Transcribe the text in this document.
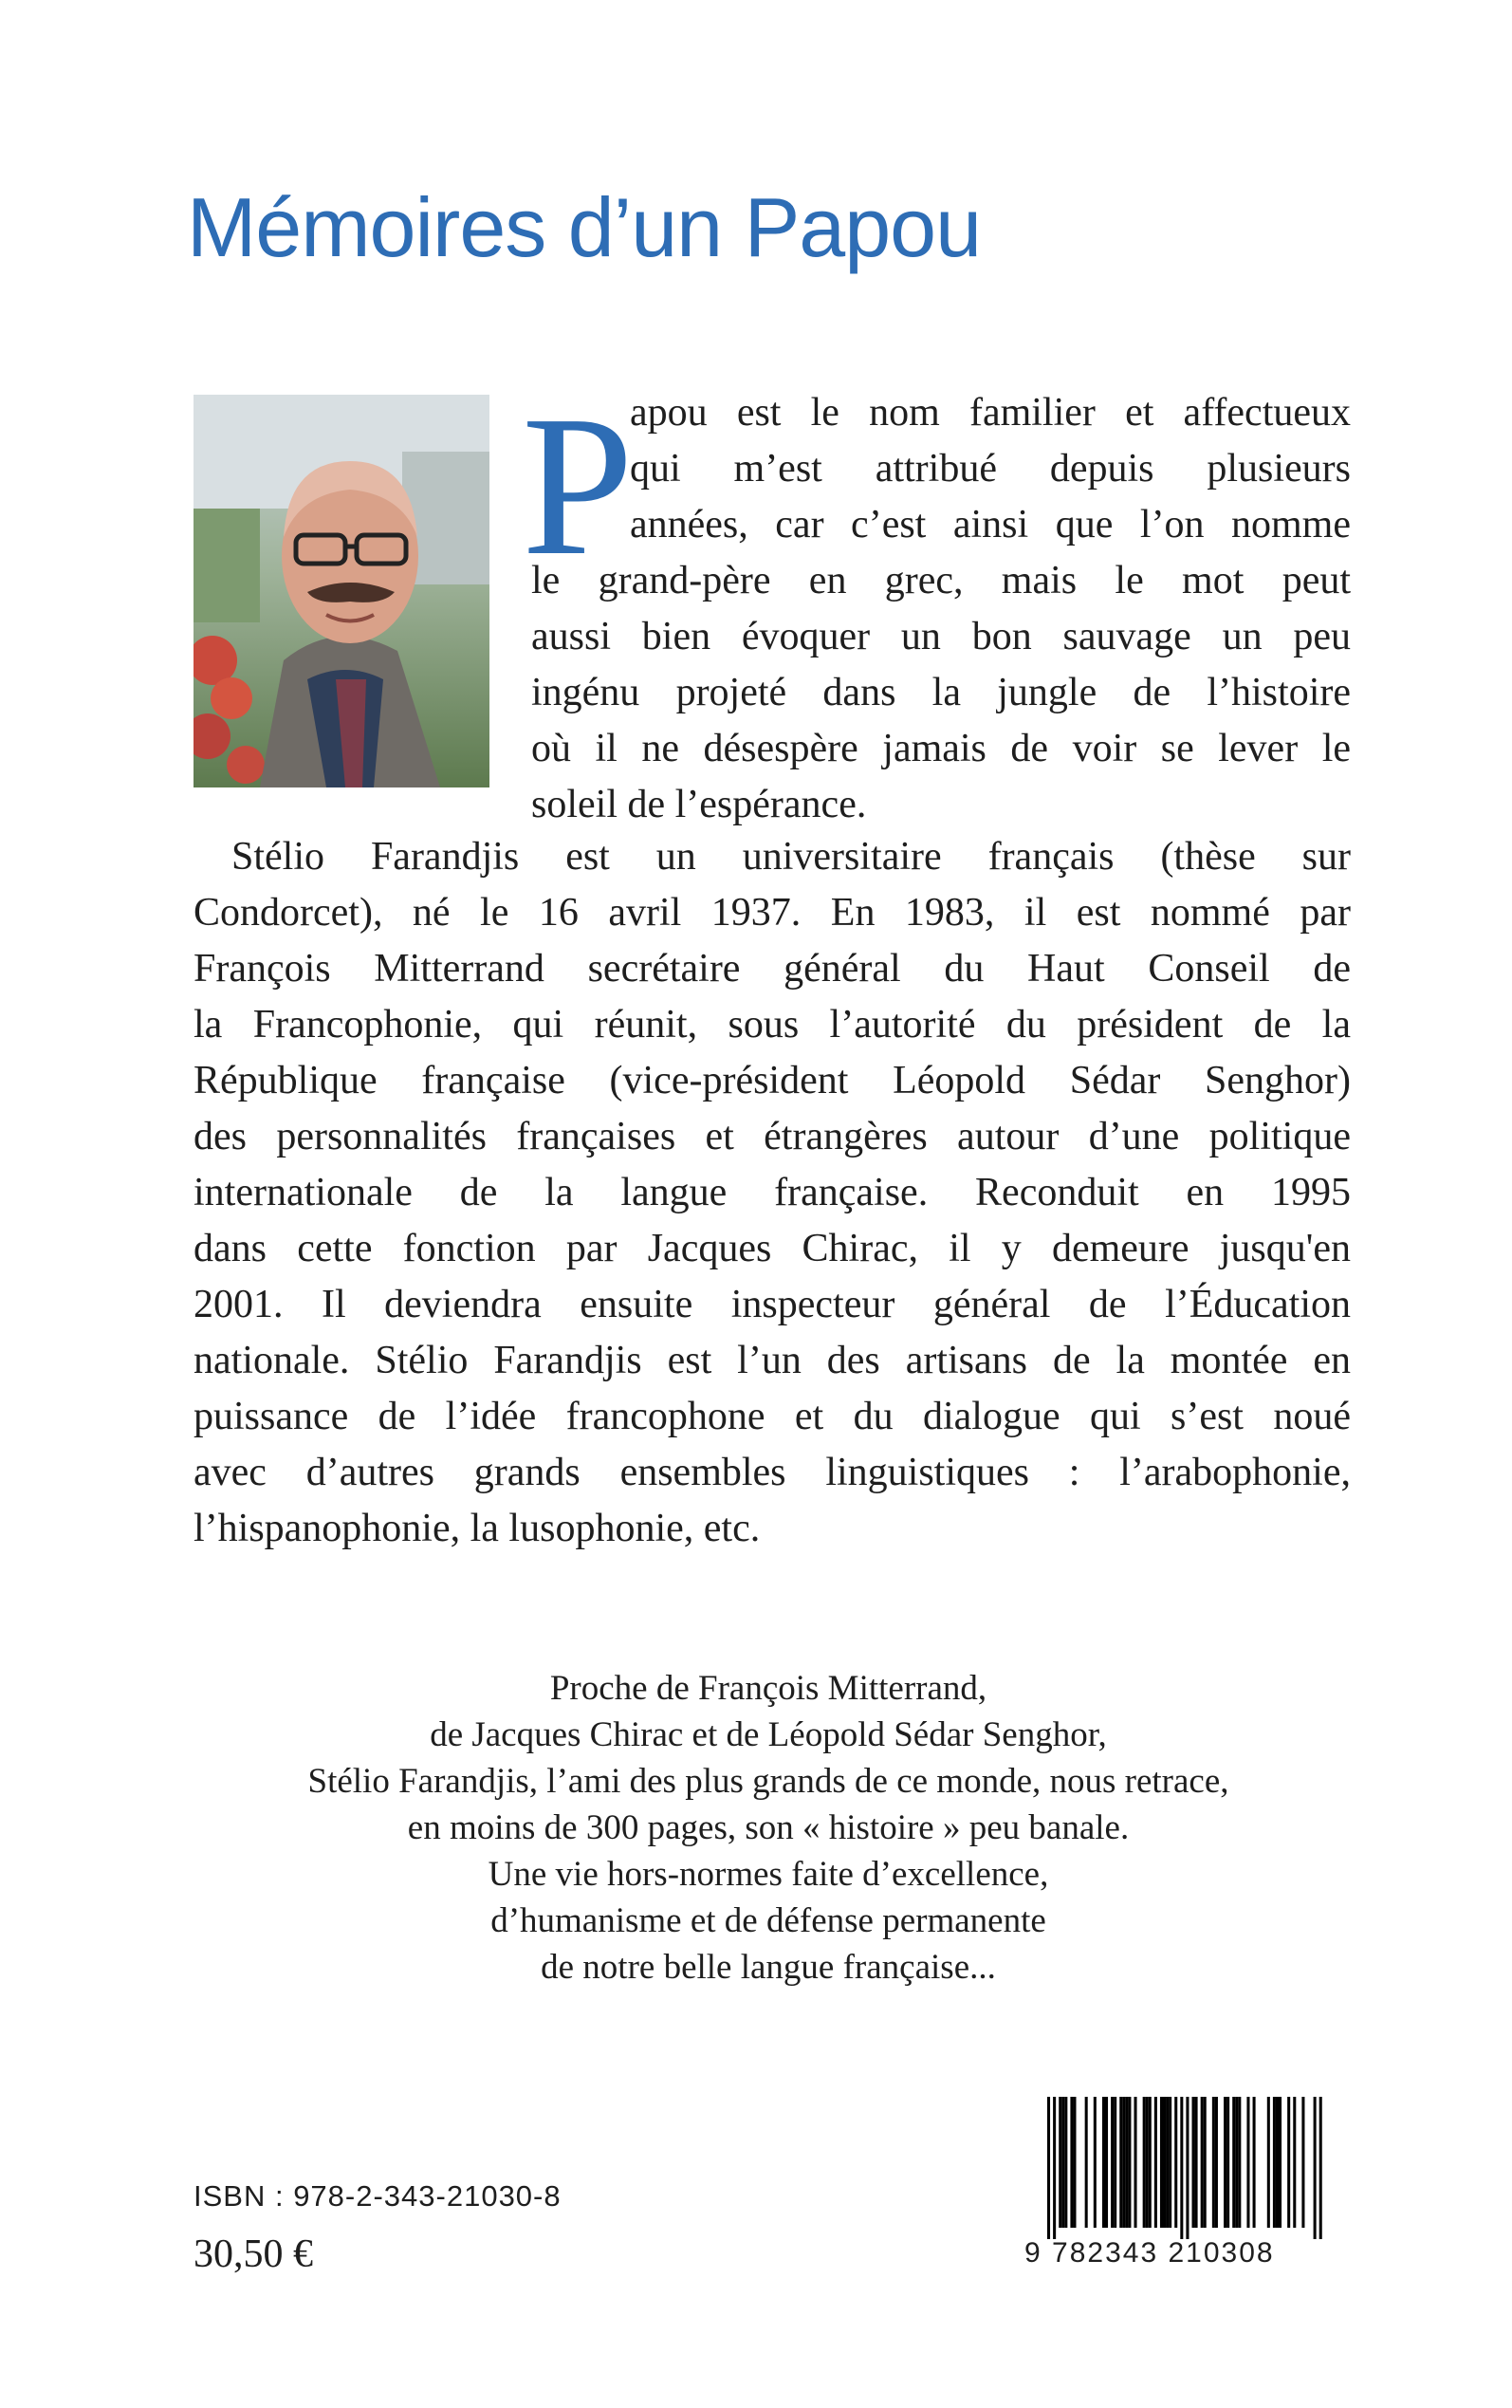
Mémoires d’un Papou
P
apou est le nom familier et affectueux
qui m’est attribué depuis plusieurs
années, car c’est ainsi que l’on nomme
le grand-père en grec, mais le mot peut
aussi bien évoquer un bon sauvage un peu
ingénu projeté dans la jungle de l’histoire
où il ne désespère jamais de voir se lever le
soleil de l’espérance.
Stélio Farandjis est un universitaire français (thèse sur
Condorcet), né le 16 avril 1937. En 1983, il est nommé par
François Mitterrand secrétaire général du Haut Conseil de
la Francophonie, qui réunit, sous l’autorité du président de la
République française (vice-président Léopold Sédar Senghor)
des personnalités françaises et étrangères autour d’une politique
internationale de la langue française. Reconduit en 1995
dans cette fonction par Jacques Chirac, il y demeure jusqu'en
2001. Il deviendra ensuite inspecteur général de l’Éducation
nationale. Stélio Farandjis est l’un des artisans de la montée en
puissance de l’idée francophone et du dialogue qui s’est noué
avec d’autres grands ensembles linguistiques : l’arabophonie,
l’hispanophonie, la lusophonie, etc.
Proche de François Mitterrand,
de Jacques Chirac et de Léopold Sédar Senghor,
Stélio Farandjis, l’ami des plus grands de ce monde, nous retrace,
en moins de 300 pages, son « histoire » peu banale.
Une vie hors-normes faite d’excellence,
d’humanisme et de défense permanente
de notre belle langue française...

ISBN : 978-2-343-21030-8

30,50 €	9 782343 210308
